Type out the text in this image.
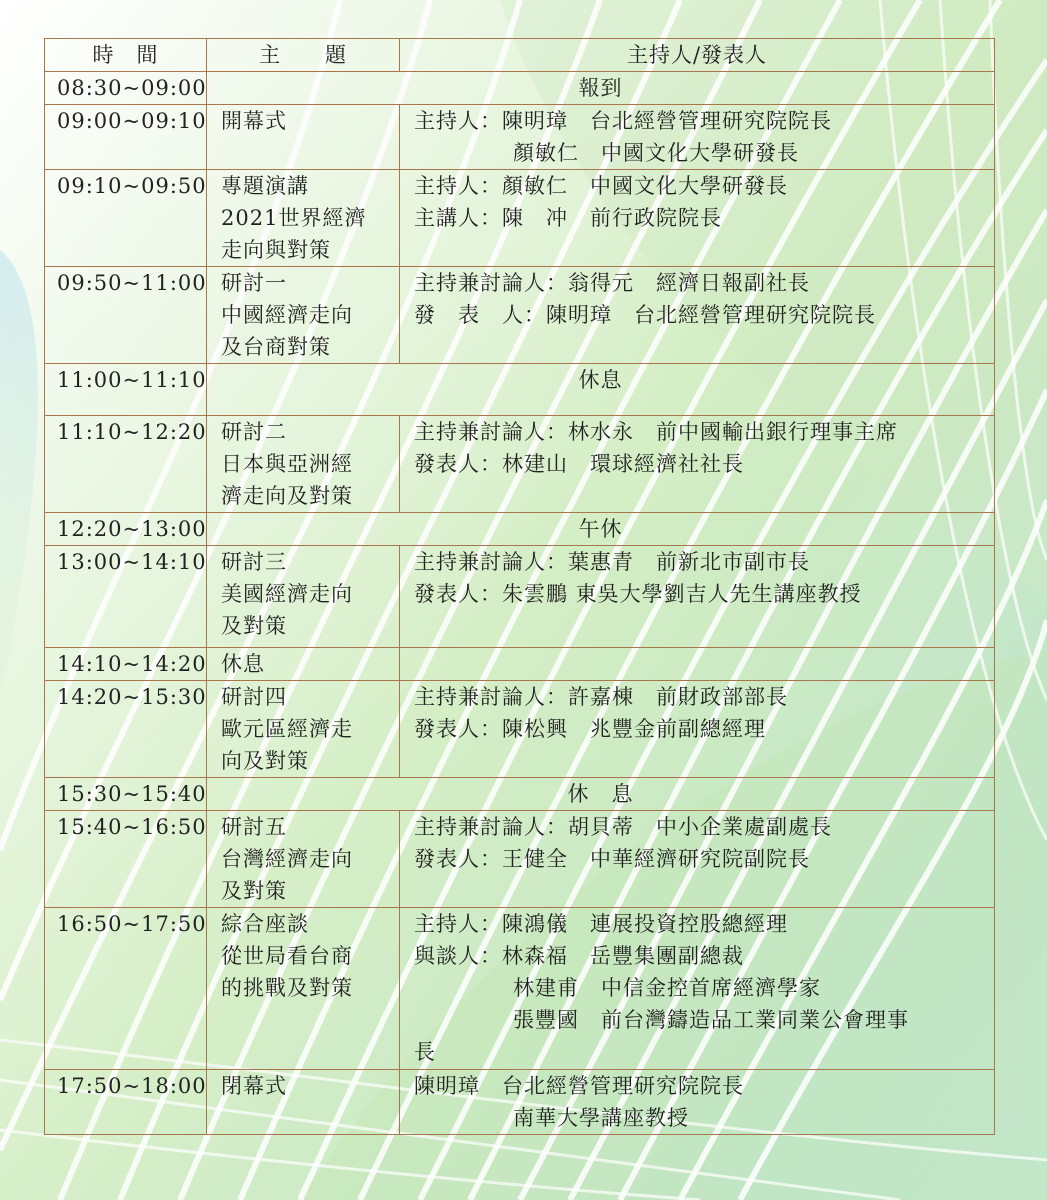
時　間	主　　題	主持人/發表人
08:30~09:00	報到	
09:00~09:10	開幕式	主持人：陳明璋　台北經營管理研究院院長
顏敏仁　中國文化大學研發長

09:10~09:50	專題演講
2021世界經濟
走向與對策	主持人：顏敏仁　中國文化大學研發長
主講人：陳　冲　前行政院院長

09:50~11:00	研討一
中國經濟走向
及台商對策	主持兼討論人：翁得元　經濟日報副社長
發　表　人：陳明璋　台北經營管理研究院院長

11:00~11:10	休息	
11:10~12:20	研討二
日本與亞洲經
濟走向及對策	主持兼討論人：林水永　前中國輸出銀行理事主席
發表人：林建山　環球經濟社社長

12:20~13:00	午休	
13:00~14:10	研討三
美國經濟走向
及對策	主持兼討論人：葉惠青　前新北市副市長
發表人：朱雲鵬 東吳大學劉吉人先生講座教授

14:10~14:20	休息	

14:20~15:30	研討四
歐元區經濟走
向及對策	主持兼討論人：許嘉棟　前財政部部長
發表人：陳松興　兆豐金前副總經理

15:30~15:40	休　息	
15:40~16:50	研討五
台灣經濟走向
及對策	主持兼討論人：胡貝蒂　中小企業處副處長
發表人：王健全　中華經濟研究院副院長

16:50~17:50	綜合座談
從世局看台商
的挑戰及對策	主持人：陳鴻儀　連展投資控股總經理
與談人：林森福　岳豐集團副總裁
林建甫　中信金控首席經濟學家
張豐國　前台灣鑄造品工業同業公會理事
長

17:50~18:00	閉幕式	陳明璋　台北經營管理研究院院長
南華大學講座教授
